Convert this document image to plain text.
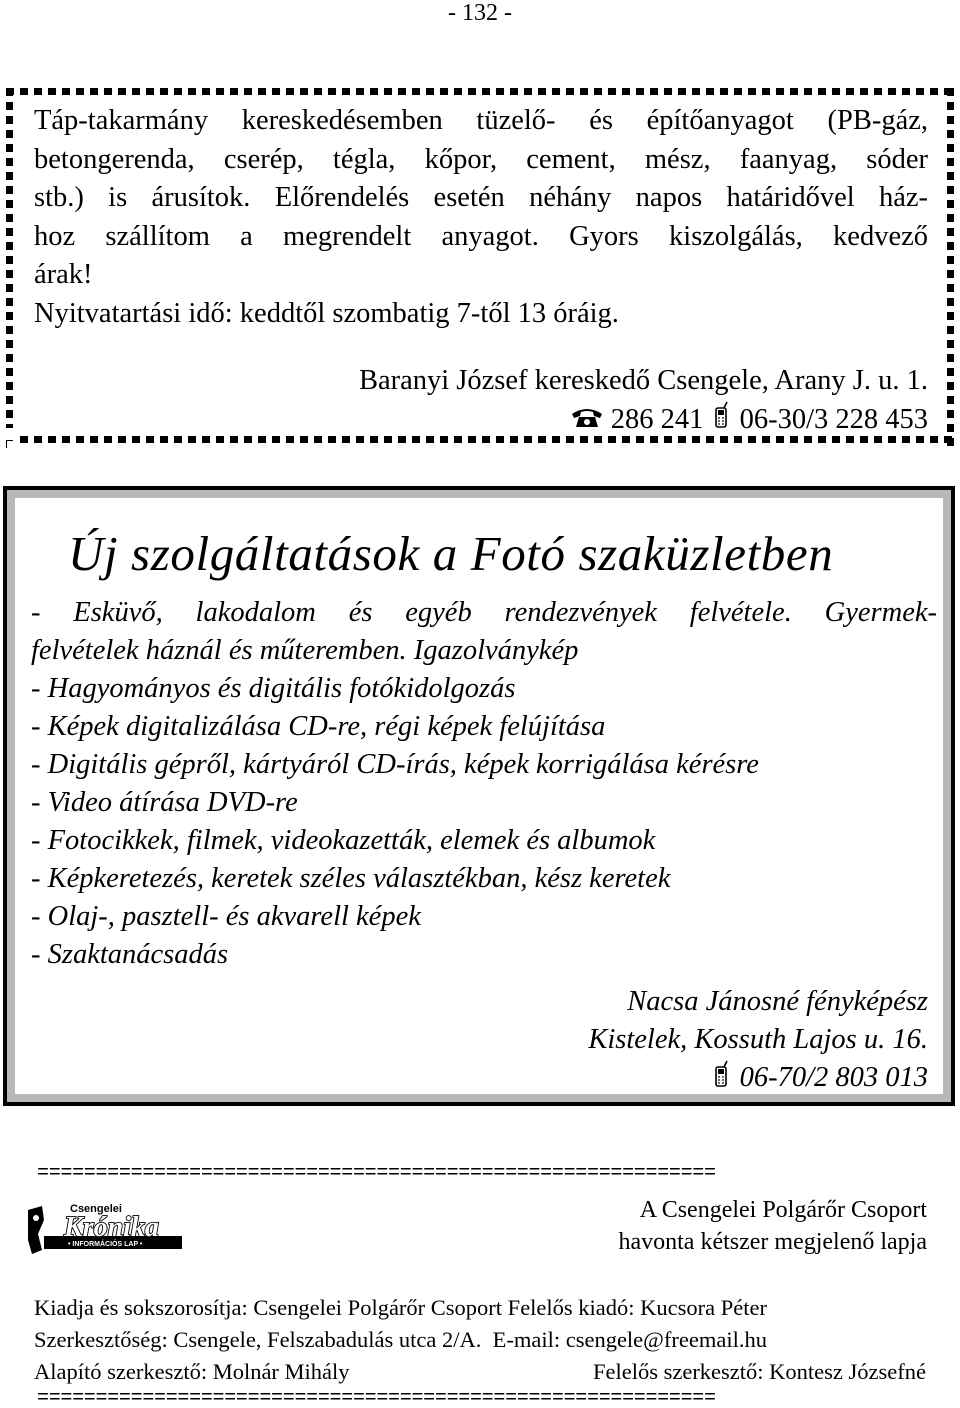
- 132 -

Táp-takarmány kereskedésemben tüzelő- és építőanyagot (PB-gáz,

betongerenda, cserép, tégla, kőpor, cement, mész, faanyag, sóder

stb.) is árusítok. Előrendelés esetén néhány napos határidővel ház-

hoz szállítom a megrendelt anyagot. Gyors kiszolgálás, kedvező

árak!

Nyitvatartási idő: keddtől szombatig 7-től 13 óráig.

Baranyi József kereskedő Csengele, Arany J. u. 1.
286 241 06-30/3 228 453
Új szolgáltatások a Fotó szaküzletben
- Esküvő, lakodalom és egyéb rendezvények felvétele. Gyermek-
felvételek háznál és műteremben. Igazolványkép
- Hagyományos és digitális fotókidolgozás
- Képek digitalizálása CD-re, régi képek felújítása
- Digitális gépről, kártyáról CD-írás, képek korrigálása kérésre
- Video átírása DVD-re
- Fotocikkek, filmek, videokazetták, elemek és albumok
- Képkeretezés, keretek széles választékban, kész keretek
- Olaj-, pasztell- és akvarell képek
- Szaktanácsadás
Nacsa Jánosné fényképész
Kistelek, Kossuth Lajos u. 16.
06-70/2 803 013
==========================================================
Csengelei
Krónika
• INFORMÁCIÓS LAP •
A Csengelei Polgárőr Csoport
havonta kétszer megjelenő lapja
Kiadja és sokszorosítja: Csengelei Polgárőr Csoport Felelős kiadó: Kucsora Péter
Szerkesztőség: Csengele, Felszabadulás utca 2/A.  E-mail: csengele@freemail.hu
Alapító szerkesztő: Molnár Mihály	Felelős szerkesztő: Kontesz Józsefné
==========================================================
